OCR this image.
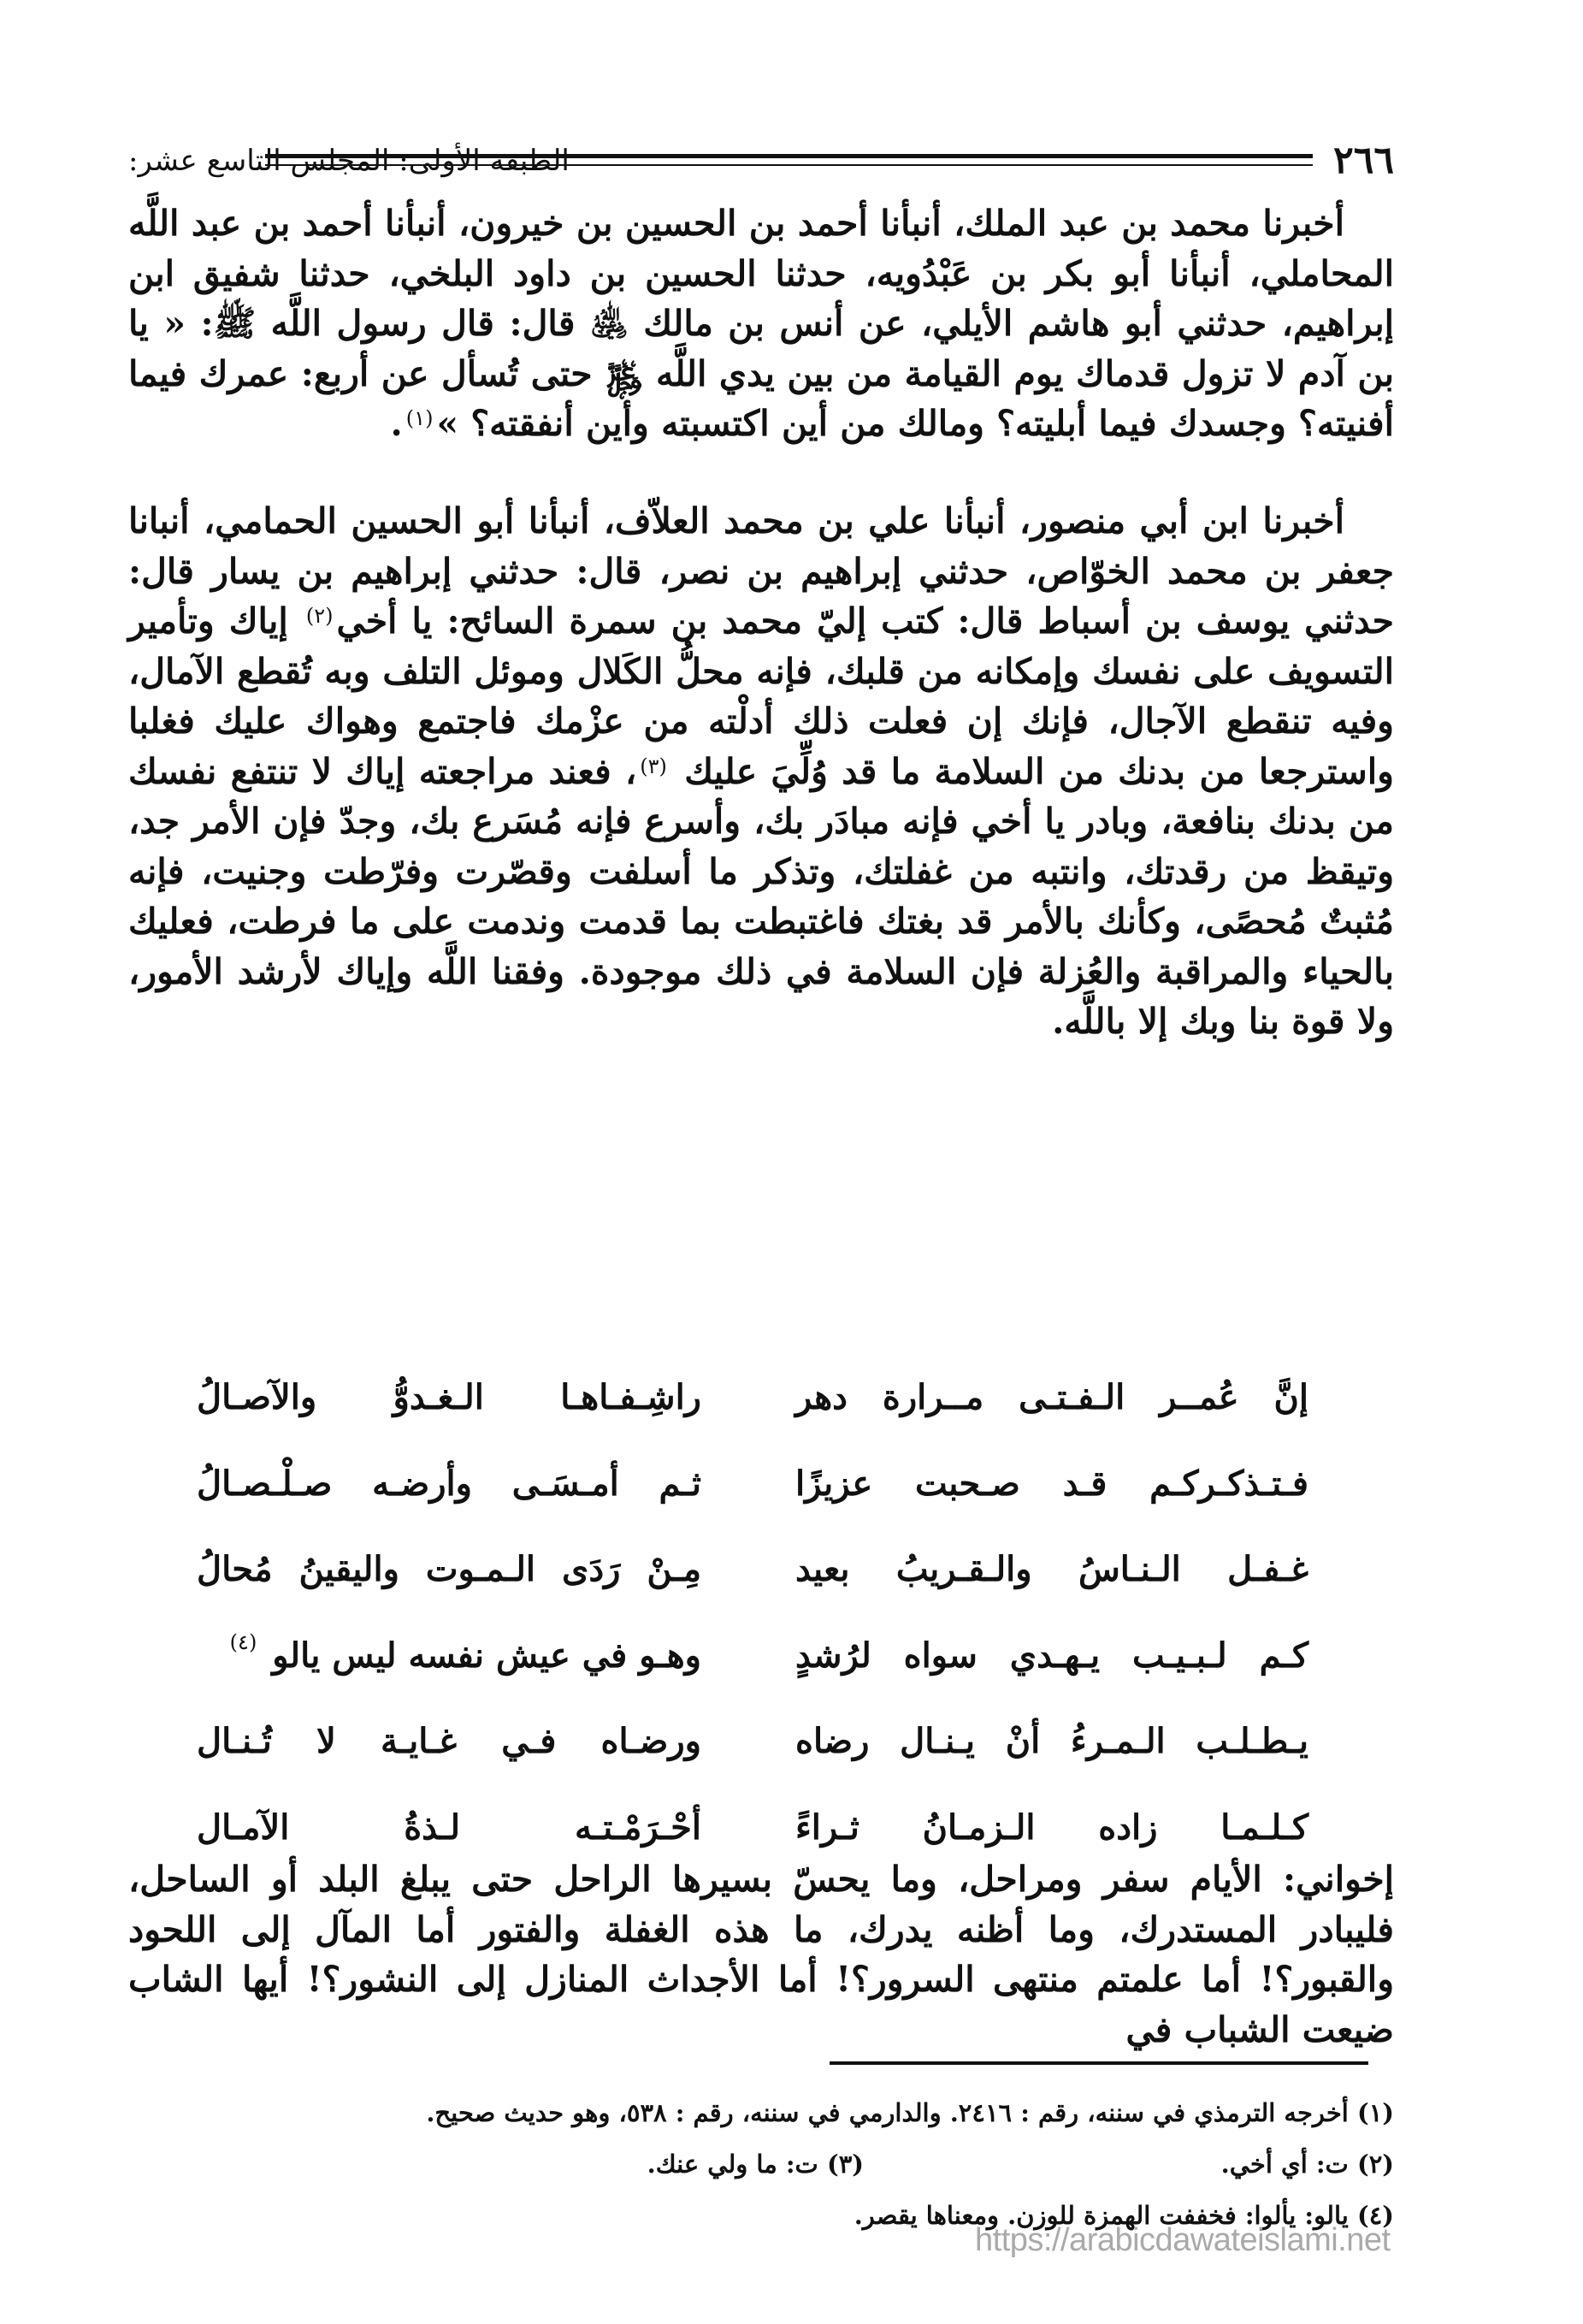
٢٦٦
الطبقة الأولى: المجلس التاسع عشر:
أخبرنا محمد بن عبد الملك، أنبأنا أحمد بن الحسين بن خيرون، أنبأنا أحمد بن عبد اللَّه المحاملي، أنبأنا أبو بكر بن عَبْدُويه، حدثنا الحسين بن داود البلخي، حدثنا شفيق ابن إبراهيم، حدثني أبو هاشم الأيلي، عن أنس بن مالك ﵁ قال: قال رسول اللَّه ﷺ: « يا بن آدم لا تزول قدماك يوم القيامة من بين يدي اللَّه ﷿ حتى تُسأل عن أربع: عمرك فيما أفنيته؟ وجسدك فيما أبليته؟ ومالك من أين اكتسبته وأين أنفقته؟ »$^{(١)}$.
أخبرنا ابن أبي منصور، أنبأنا علي بن محمد العلاّف، أنبأنا أبو الحسين الحمامي، أنبانا جعفر بن محمد الخوّاص، حدثني إبراهيم بن نصر، قال: حدثني إبراهيم بن يسار قال: حدثني يوسف بن أسباط قال: كتب إليّ محمد بن سمرة السائح: يا أخي$^{(٢)}$ إياك وتأمير التسويف على نفسك وإمكانه من قلبك، فإنه محلُّ الكَلال وموئل التلف وبه تُقطع الآمال، وفيه تنقطع الآجال، فإنك إن فعلت ذلك أدلْته من عزْمك فاجتمع وهواك عليك فغلبا واسترجعا من بدنك من السلامة ما قد وُلِّيَ عليك $^{(٣)}$، فعند مراجعته إياك لا تنتفع نفسك من بدنك بنافعة، وبادر يا أخي فإنه مبادَر بك، وأسرع فإنه مُسَرع بك، وجدّ فإن الأمر جد، وتيقظ من رقدتك، وانتبه من غفلتك، وتذكر ما أسلفت وقصّرت وفرّطت وجنيت، فإنه مُثبتٌ مُحصًى، وكأنك بالأمر قد بغتك فاغتبطت بما قدمت وندمت على ما فرطت، فعليك بالحياء والمراقبة والعُزلة فإن السلامة في ذلك موجودة. وفقنا اللَّه وإياك لأرشد الأمور، ولا قوة بنا وبك إلا باللَّه.
إنَّ عُمــر الـفـتـى مــرارة دهر
راشِـفـاهـا الـغـدوُّ والآصـالُ
فـتـذكـركـم قـد صـحبت عزيزًا
ثـم أمـسَـى وأرضـه صـلْـصـالُ
غـفـل الـنـاسُ والـقـريبُ بعيد
مِـنْ رَدَى الـمـوت واليقينُ مُحالُ
كـم لـبـيـب يـهـدي سواه لرُشدٍ
وهـو في عيش نفسه ليس يالو $^{(٤)}$
يـطـلـب الـمـرءُ أنْ يـنـال رضاه
ورضـاه فـي غـايـة لا تُـنـال
كـلـمـا زاده الـزمـانُ ثـراءً
أحْـرَمْـتـه لـذةُ الآمـال
إخواني: الأيام سفر ومراحل، وما يحسّ بسيرها الراحل حتى يبلغ البلد أو الساحل، فليبادر المستدرك، وما أظنه يدرك، ما هذه الغفلة والفتور أما المآل إلى اللحود والقبور؟! أما علمتم منتهى السرور؟! أما الأجداث المنازل إلى النشور؟! أيها الشاب ضيعت الشباب في
(١) أخرجه الترمذي في سننه، رقم : ٢٤١٦. والدارمي في سننه، رقم : ٥٣٨، وهو حديث صحيح.
(٢) ت: أي أخي.
(٣) ت: ما ولي عنك.
(٤) يالو: يألوا: فخففت الهمزة للوزن. ومعناها يقصر.
https://arabicdawateislami.net
